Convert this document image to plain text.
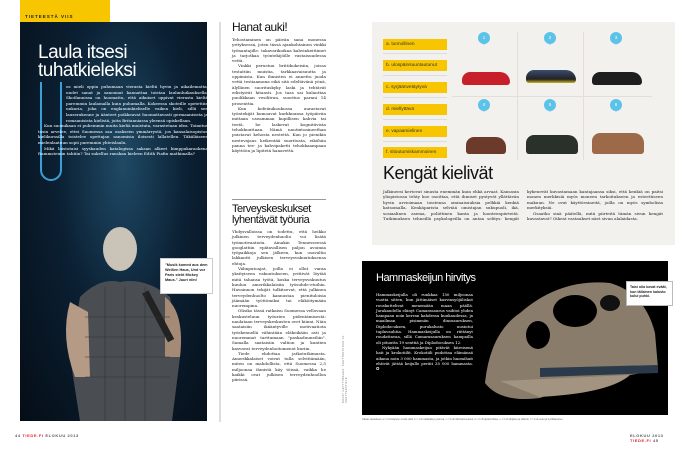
TIETEESTÄ VIIS
Laula itsesi tuhatkieleksi

os mieli oppia puhumaan vierasta kieltä hyvin ja aikailematta, uudet sanat ja sanonnat kannattaa toistaa laulunluikauksella. Skotlannissa on huomattu, että aikuiset oppivat vierasta kieltä paremmin laulamalla kuin puhumalla. Kokeessa skoteille opetettiin unkaria, joka on englanninkieliselle vaikea kieli, sillä sen lauserakenne ja äänteet poikkeavat huomattavasti germaanisista ja romaanisista kielistä, joita Britanniassa yleensä opiskellaan.

Kun suomikaan ei puhemmin muita kieliä muistuta, varastetaan idea. Toimitus tosin arvelee, ettei Suomessa saa osakseen ymmärrystä, jos kansalaisopiston kielikurssilla toistelee opettajan sanomisia iloisesti lallatellen. Täkäläiseen mielenlaatuun sopii paremmin yhteislaulu.

Mikä loistotaisi syyskauden katalogissa saksan alkeet kimppakaraokena Rammsteinin tahtiin? Tai sukellus ranskan kieleen Edith Piafin matkimalla?

"Musik kommt aus dem Weißen Haus, Und vor Paris steht Mickey Maus." Juuri niin!
44 TIEDE.FI ELOKUU 2013
Hanat auki!

Tehostaminen on päivän sana monessa yrityksessä, joten tässä ajankohtainen vinkki työnantajille: takavarikoikaa kahvinkeittimet ja tarjotkaa työntekijöille vastaisuudessa vettä.

Vinkki perustuu brittikokeisiin, joissa testattiin muistia, tarkkaavaisuutta ja oppimista. Kun ihmisten ei annettu juoda vettä testiaamuna eikä sitä edeltävänä yönä, älyllinen suorituskyky laski ja tehtävät edistyivät hitaasti. Jos taas sai kulauttaa puolikkaan vesilitran, suoritus parani 14 prosenttia.

Kun kofeiinikoukussa uurastavat työntekijät kumoavat kurkkuunsa työpäivän mittaan useamman kupillisen kahvia tai teetä, he laskevat kognitiivista tehokkuuttaan. Nämä nautintoaineethan poistavat kehosta nestettä. Kun jo pienikin nestevajaus heikentää suoritusta, eiköhän panna tee- ja kahvipaketti tehokkaampaan käyttöön ja lipitetä hanavettä.

Terveyskeskukset lyhentävät työuria

Yhdysvalloissa on todettu, että heikko julkinen terveydenhuolto voi lisätä työmotivaatiota. Ainakin Tennesseessä googlattiin epätavallisen paljon avoimia työpaikkoja sen jälkeen, kun osavaltio lakkautti julkisen terveysvakuutuksensa ehtoja.

Välinputoajat, joilla ei ollut varaa yksityiseen vakuutukseen, yrittivät löytää mitä tahansa työtä, koska terveysvakuutus kuuluu amerikkalaisiin työsuhde-etuihin. Havainnon tekijät tulkitsevat, että julkinen terveydenhuolto kannustaa pienituloisia jäämään työttömiksi tai eläköitymään nuorempina.

Olisiko tässä ratkaisu Suomessa vellovaan keskusteluun työurien pidentämisestä: naulataan terveyskeskusten ovet kiinni. Näin saataisiin ikääntyville motivaatiota työskennellä vähintään eläkeikään asti ja nuoremmat tarttumaan "paskaduuneihin". Samalla saataisiin valtion ja kuntien kasvavat terveydenhoitomenot kuriin.

Tiede ehdottaa jatkotutkimusta. Amerikkalaiset voivat tulla selvittämään, miten on mahdollista, että Suomessa 2,5 miljoonaa ihmistä käy töissä, vaikka he kaikki ovat julkisen terveydenhuollon piirissä.	KUVAT GETTYIMAGES, SHUTTERSTOCK JA SHUTTERSTOCK
a. tunnollinen
b. ulospäinsuuntautunut
c. syrjäänvetäytyvä
d. miellyttävä
e. vapaamielinen
f. sitoutumiskammoinen
1	2	3
4	5	6
Kengät kielivät

Jalkineesi kertovat sinusta enemmän kuin ehkä arvaat. Kansasin yliopistossa tehty koe osoittaa, että ihmiset pystyvät yllättävän hyvin arvioimaan toistensa ominaisuuksia pelkkiä kenkiä katsomalla. Kenkäparista selviää omistajan sukupuoli, ikä, sosiaalinen asema, poliittinen kanta ja luonteenpiirteitä. Tutkimuksen tehneillä psykologeilla on antaa selitys: kengät kykenevät kuvastamaan kantajaansa siksi, että kenkiä on paitsi monen merkkisiä myös moneen tarkoitukseen ja esteettiseen makuun. Ne ovat käyttöesineitä, joilla on myös symbolisia merkityksiä.

Osaatko sinä päätellä, mitä piirteitä tämän sivun kengät kuvastavat? Oikeat vastaukset näet sivun alalaidasta.

Hammaskeijun hirvitys

Hammaskeijulla oli runkkaa 150 miljoonaa vuotta sitten, kun jättimäiset kasvinsyöjäliskot rouskuttelivat menemään maan päällä. Jurakaudella elänyt Camarasaurus vaihtoi yhden hampaan noin kerran kahdessa kuukaudessa, ja maailman pisimmän dinosauruksen, Diplodocuksen, purukalusto uusiutui tuplavauhtia. Hammaskeijulla on riittänyt roudattavaa, sillä Camarasauruksen hampailla oli pituutta 19 senttiä ja Diplodocuksen 12.

Nykyään hammaskeijun pitävät kiireisenä hait ja krokotiilit. Krokotiili pudottaa elämänsä aikana noin 3 000 hammasta, ja jotkin haomihait ehtivät jättää keijulle peräti 35 000 hammasta. ✪

Taisi olla kovat eväät, kun tällainen kalusto kului puhki.
Oikeat vastaukset: a = 3 oli käytetyn mutta siistit, b = 1 oli värikkäät ja pramea, c = 5 oli miiitinsammutetut, d = 2 oli käytännölliset, e = 6 oli rähjäiset ja nilkkurit, f = 4 oli uudet ja hyvilläsisoiset.
ELOKUU 2013 TIEDE.FI 45
